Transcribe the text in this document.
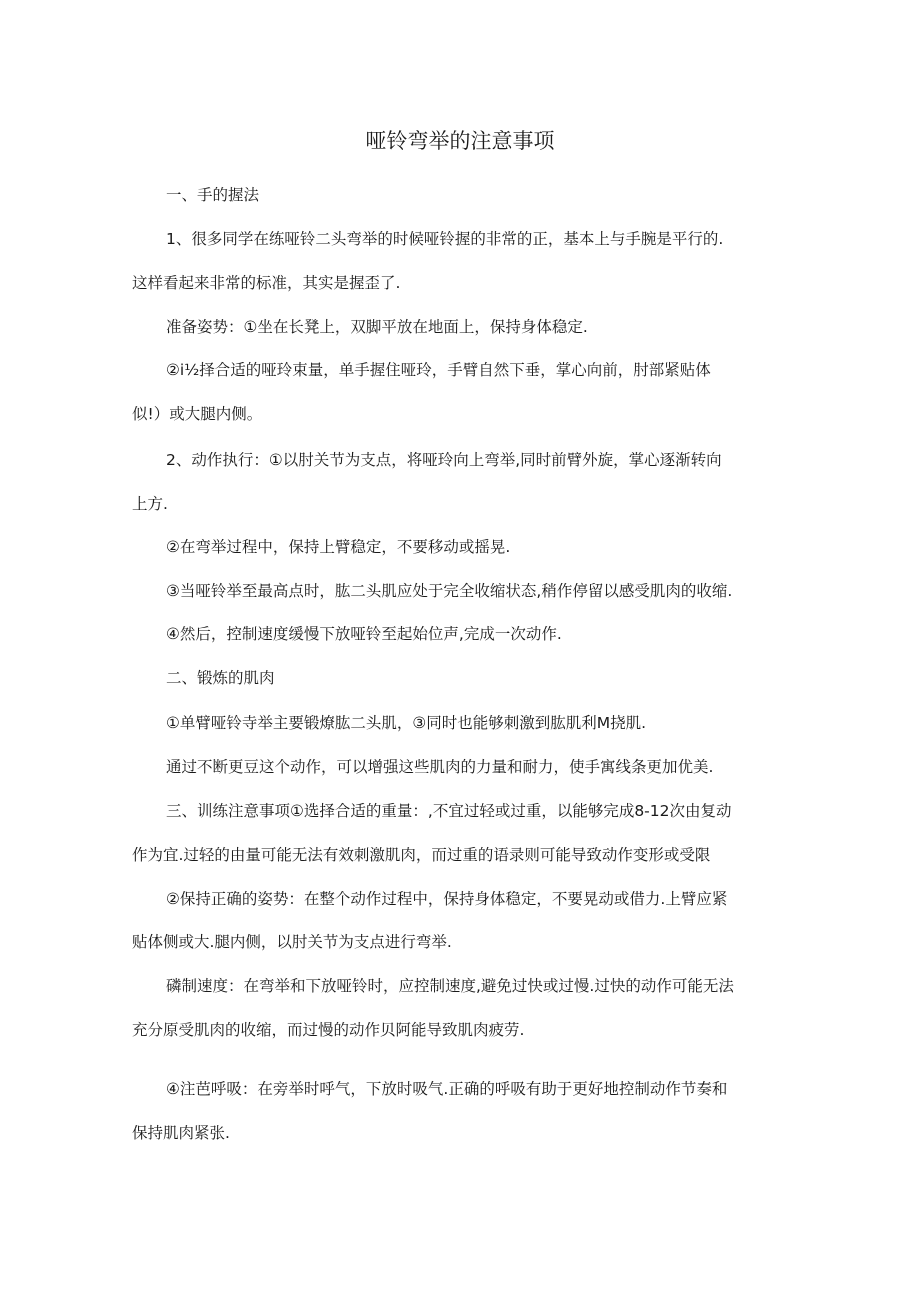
哑铃弯举的注意事项
一、手的握法
1、很多同学在练哑铃二头弯举的时候哑铃握的非常的正，基本上与手腕是平行的.
这样看起来非常的标准，其实是握歪了.
准备姿势：①坐在长凳上，双脚平放在地面上，保持身体稳定.
②i½择合适的哑玲束量，单手握住哑玲，手臂自然下垂，掌心向前，肘部紧贴体
似!）或大腿内侧。
2、动作执行：①以肘关节为支点，将哑玲向上弯举,同时前臂外旋，掌心逐渐转向
上方.
②在弯举过程中，保持上臂稳定，不要移动或摇晃.
③当哑铃举至最高点时，肱二头肌应处于完全收缩状态,稍作停留以感受肌肉的收缩.
④然后，控制速度缓慢下放哑铃至起始位声,完成一次动作.
二、锻炼的肌肉
①单臂哑铃寺举主要锻燎肱二头肌，③同时也能够刺激到肱肌利M挠肌.
通过不断更豆这个动作，可以增强这些肌肉的力量和耐力，使手寓线条更加优美.
三、训练注意事项①选择合适的重量：,不宜过轻或过重，以能够完成8-12次由复动
作为宜.过轻的由量可能无法有效刺激肌肉，而过重的语录则可能导致动作变形或受限
②保持正确的姿势：在整个动作过程中，保持身体稳定，不要晃动或借力.上臂应紧
贴体侧或大.腿内侧，以肘关节为支点进行弯举.
磷制速度：在弯举和下放哑铃时，应控制速度,避免过快或过慢.过快的动作可能无法
充分原受肌肉的收缩，而过慢的动作贝阿能导致肌肉疲劳.
④注芭呼吸：在旁举时呼气，下放时吸气.正确的呼吸有助于更好地控制动作节奏和
保持肌肉紧张.
